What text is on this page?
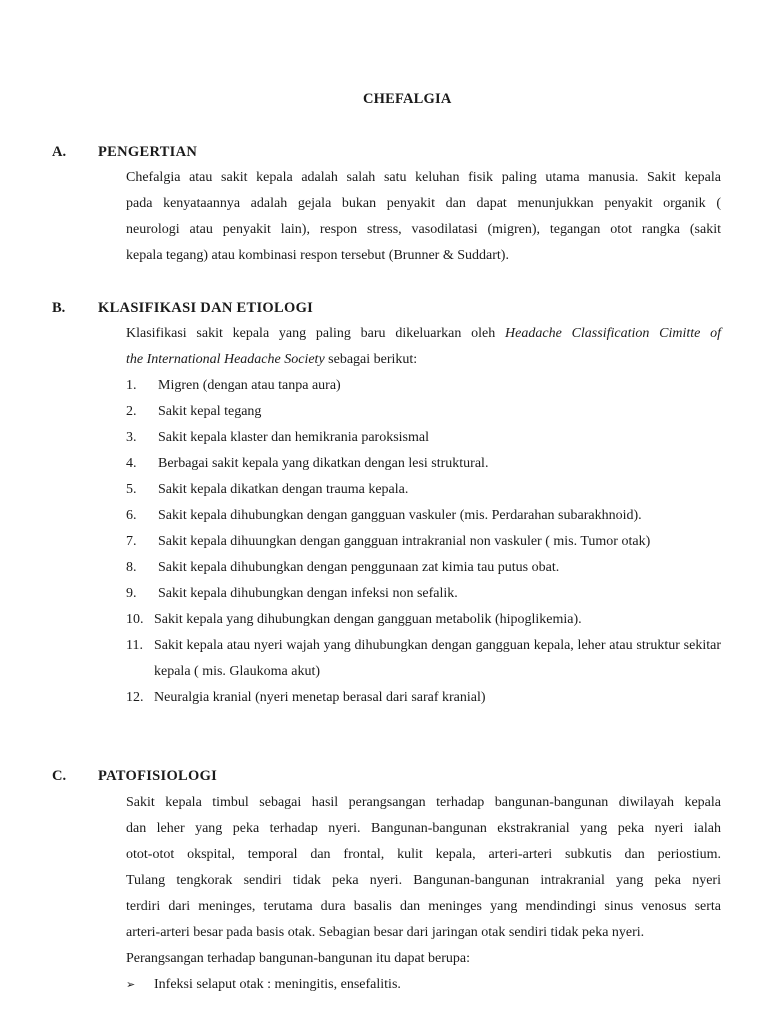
CHEFALGIA
A. PENGERTIAN
Chefalgia atau sakit kepala adalah salah satu keluhan fisik paling utama manusia. Sakit kepala
pada kenyataannya adalah gejala bukan penyakit dan dapat menunjukkan penyakit organik (
neurologi atau penyakit lain), respon stress, vasodilatasi (migren), tegangan otot rangka (sakit
kepala tegang) atau kombinasi respon tersebut (Brunner & Suddart).
B. KLASIFIKASI DAN ETIOLOGI
Klasifikasi sakit kepala yang paling baru dikeluarkan oleh Headache Classification Cimitte of
the International Headache Society sebagai berikut:
1.	Migren (dengan atau tanpa aura)
2.	Sakit kepal tegang
3.	Sakit kepala klaster dan hemikrania paroksismal
4.	Berbagai sakit kepala yang dikatkan dengan lesi struktural.
5.	Sakit kepala dikatkan dengan trauma kepala.
6.	Sakit kepala dihubungkan dengan gangguan vaskuler (mis. Perdarahan subarakhnoid).
7.	Sakit kepala dihuungkan dengan gangguan intrakranial non vaskuler ( mis. Tumor otak)
8.	Sakit kepala dihubungkan dengan penggunaan zat kimia tau putus obat.
9.	Sakit kepala dihubungkan dengan infeksi non sefalik.
10. Sakit kepala yang dihubungkan dengan gangguan metabolik (hipoglikemia).
11. Sakit kepala atau nyeri wajah yang dihubungkan dengan gangguan kepala, leher atau struktur sekitar kepala ( mis. Glaukoma akut)
12. Neuralgia kranial (nyeri menetap berasal dari saraf kranial)
C. PATOFISIOLOGI
Sakit kepala timbul sebagai hasil perangsangan terhadap bangunan-bangunan diwilayah kepala
dan leher yang peka terhadap nyeri. Bangunan-bangunan ekstrakranial yang peka nyeri ialah
otot-otot okspital, temporal dan frontal, kulit kepala, arteri-arteri subkutis dan periostium.
Tulang tengkorak sendiri tidak peka nyeri. Bangunan-bangunan intrakranial yang peka nyeri
terdiri dari meninges, terutama dura basalis dan meninges yang mendindingi sinus venosus serta
arteri-arteri besar pada basis otak. Sebagian besar dari jaringan otak sendiri tidak peka nyeri.
Perangsangan terhadap bangunan-bangunan itu dapat berupa:
➢	Infeksi selaput otak : meningitis, ensefalitis.
